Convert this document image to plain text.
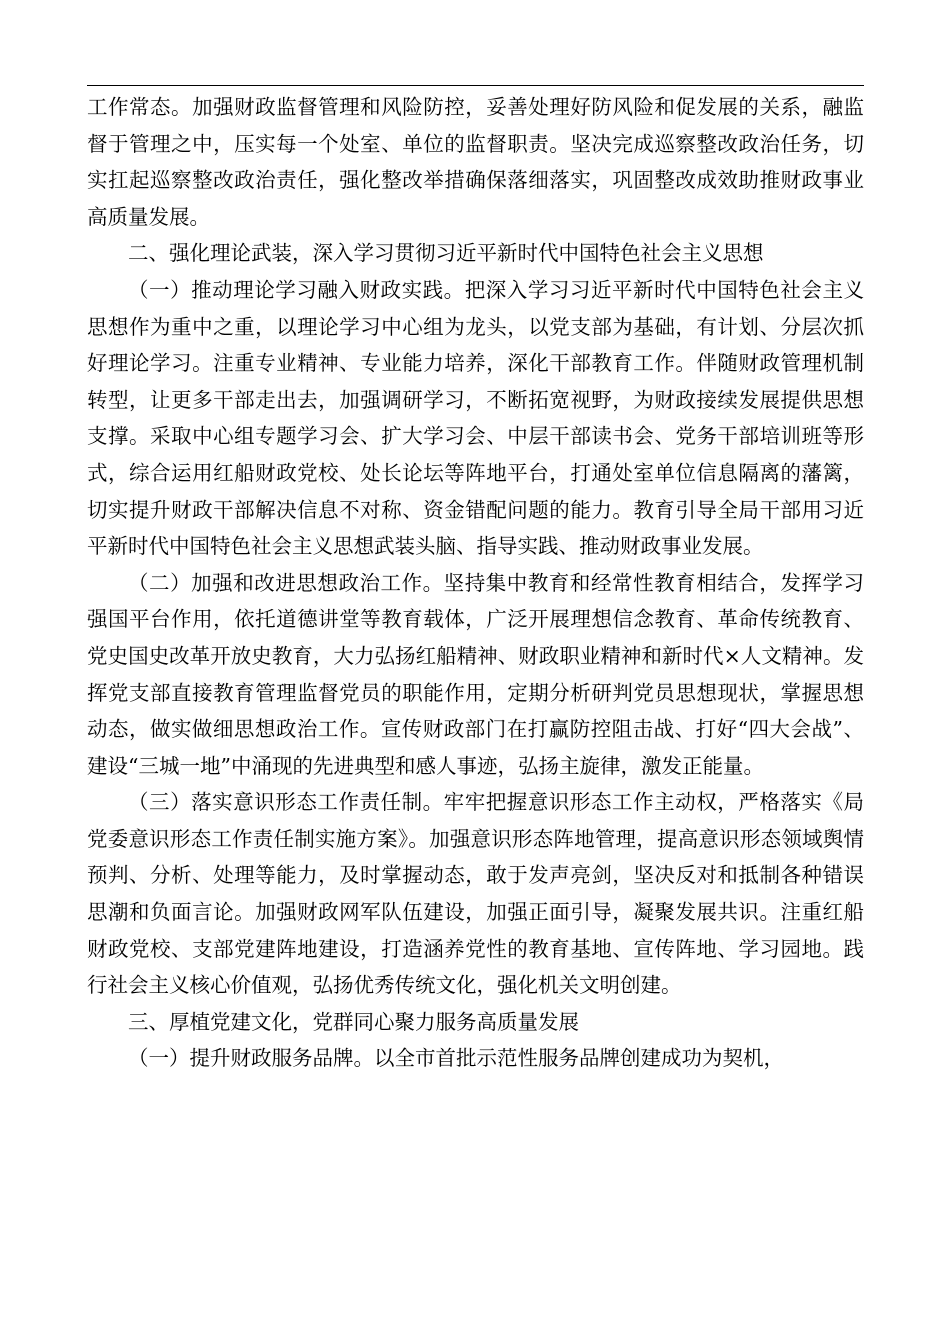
工作常态。加强财政监督管理和风险防控，妥善处理好防风险和促发展的关系，融监督于管理之中，压实每一个处室、单位的监督职责。坚决完成巡察整改政治任务，切实扛起巡察整改政治责任，强化整改举措确保落细落实，巩固整改成效助推财政事业高质量发展。

二、强化理论武装，深入学习贯彻习近平新时代中国特色社会主义思想

（一）推动理论学习融入财政实践。把深入学习习近平新时代中国特色社会主义思想作为重中之重，以理论学习中心组为龙头，以党支部为基础，有计划、分层次抓好理论学习。注重专业精神、专业能力培养，深化干部教育工作。伴随财政管理机制转型，让更多干部走出去，加强调研学习，不断拓宽视野，为财政接续发展提供思想支撑。采取中心组专题学习会、扩大学习会、中层干部读书会、党务干部培训班等形式，综合运用红船财政党校、处长论坛等阵地平台，打通处室单位信息隔离的藩篱，切实提升财政干部解决信息不对称、资金错配问题的能力。教育引导全局干部用习近平新时代中国特色社会主义思想武装头脑、指导实践、推动财政事业发展。

（二）加强和改进思想政治工作。坚持集中教育和经常性教育相结合，发挥学习强国平台作用，依托道德讲堂等教育载体，广泛开展理想信念教育、革命传统教育、党史国史改革开放史教育，大力弘扬红船精神、财政职业精神和新时代×人文精神。发挥党支部直接教育管理监督党员的职能作用，定期分析研判党员思想现状，掌握思想动态，做实做细思想政治工作。宣传财政部门在打赢防控阻击战、打好“四大会战”、建设“三城一地”中涌现的先进典型和感人事迹，弘扬主旋律，激发正能量。

（三）落实意识形态工作责任制。牢牢把握意识形态工作主动权，严格落实《局党委意识形态工作责任制实施方案》。加强意识形态阵地管理，提高意识形态领域舆情预判、分析、处理等能力，及时掌握动态，敢于发声亮剑，坚决反对和抵制各种错误思潮和负面言论。加强财政网军队伍建设，加强正面引导，凝聚发展共识。注重红船财政党校、支部党建阵地建设，打造涵养党性的教育基地、宣传阵地、学习园地。践行社会主义核心价值观，弘扬优秀传统文化，强化机关文明创建。

三、厚植党建文化，党群同心聚力服务高质量发展

（一）提升财政服务品牌。以全市首批示范性服务品牌创建成功为契机，
